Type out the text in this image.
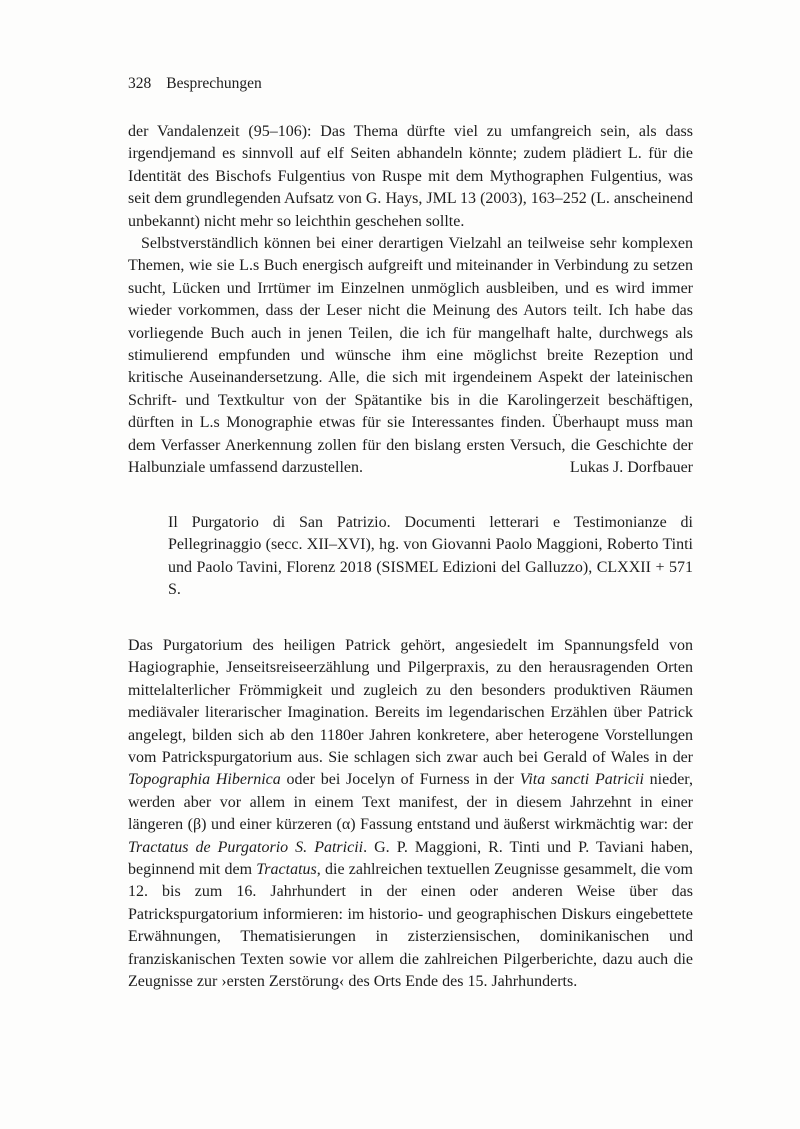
328 Besprechungen

der Vandalenzeit (95–106): Das Thema dürfte viel zu umfangreich sein, als dass irgendjemand es sinnvoll auf elf Seiten abhandeln könnte; zudem plädiert L. für die Identität des Bischofs Fulgentius von Ruspe mit dem Mythographen Fulgentius, was seit dem grundlegenden Aufsatz von G. Hays, JML 13 (2003), 163–252 (L. anscheinend unbekannt) nicht mehr so leichthin geschehen sollte.

Selbstverständlich können bei einer derartigen Vielzahl an teilweise sehr komplexen Themen, wie sie L.s Buch energisch aufgreift und miteinander in Verbindung zu setzen sucht, Lücken und Irrtümer im Einzelnen unmöglich ausbleiben, und es wird immer wieder vorkommen, dass der Leser nicht die Meinung des Autors teilt. Ich habe das vorliegende Buch auch in jenen Teilen, die ich für mangelhaft halte, durchwegs als stimulierend empfunden und wünsche ihm eine möglichst breite Rezeption und kritische Auseinandersetzung. Alle, die sich mit irgendeinem Aspekt der lateinischen Schrift- und Textkultur von der Spätantike bis in die Karolingerzeit beschäftigen, dürften in L.s Monographie etwas für sie Interessantes finden. Überhaupt muss man dem Verfasser Anerkennung zollen für den bislang ersten Versuch, die Geschichte der Halbunziale umfassend darzustellen.	Lukas J. Dorfbauer
Il Purgatorio di San Patrizio. Documenti letterari e Testimonianze di Pellegrinaggio (secc. XII–XVI), hg. von Giovanni Paolo Maggioni, Roberto Tinti und Paolo Tavini, Florenz 2018 (SISMEL Edizioni del Galluzzo), CLXXII + 571 S.

Das Purgatorium des heiligen Patrick gehört, angesiedelt im Spannungsfeld von Hagiographie, Jenseitsreiseerzählung und Pilgerpraxis, zu den herausragenden Orten mittelalterlicher Frömmigkeit und zugleich zu den besonders produktiven Räumen mediävaler literarischer Imagination. Bereits im legendarischen Erzählen über Patrick angelegt, bilden sich ab den 1180er Jahren konkretere, aber heterogene Vorstellungen vom Patrickspurgatorium aus. Sie schlagen sich zwar auch bei Gerald of Wales in der Topographia Hibernica oder bei Jocelyn of Furness in der Vita sancti Patricii nieder, werden aber vor allem in einem Text manifest, der in diesem Jahrzehnt in einer längeren (β) und einer kürzeren (α) Fassung entstand und äußerst wirkmächtig war: der Tractatus de Purgatorio S. Patricii. G. P. Maggioni, R. Tinti und P. Taviani haben, beginnend mit dem Tractatus, die zahlreichen textuellen Zeugnisse gesammelt, die vom 12. bis zum 16. Jahrhundert in der einen oder anderen Weise über das Patrickspurgatorium informieren: im historio- und geographischen Diskurs eingebettete Erwähnungen, Thematisierungen in zisterziensischen, dominikanischen und franziskanischen Texten sowie vor allem die zahlreichen Pilgerberichte, dazu auch die Zeugnisse zur ›ersten Zerstörung‹ des Orts Ende des 15. Jahrhunderts.
